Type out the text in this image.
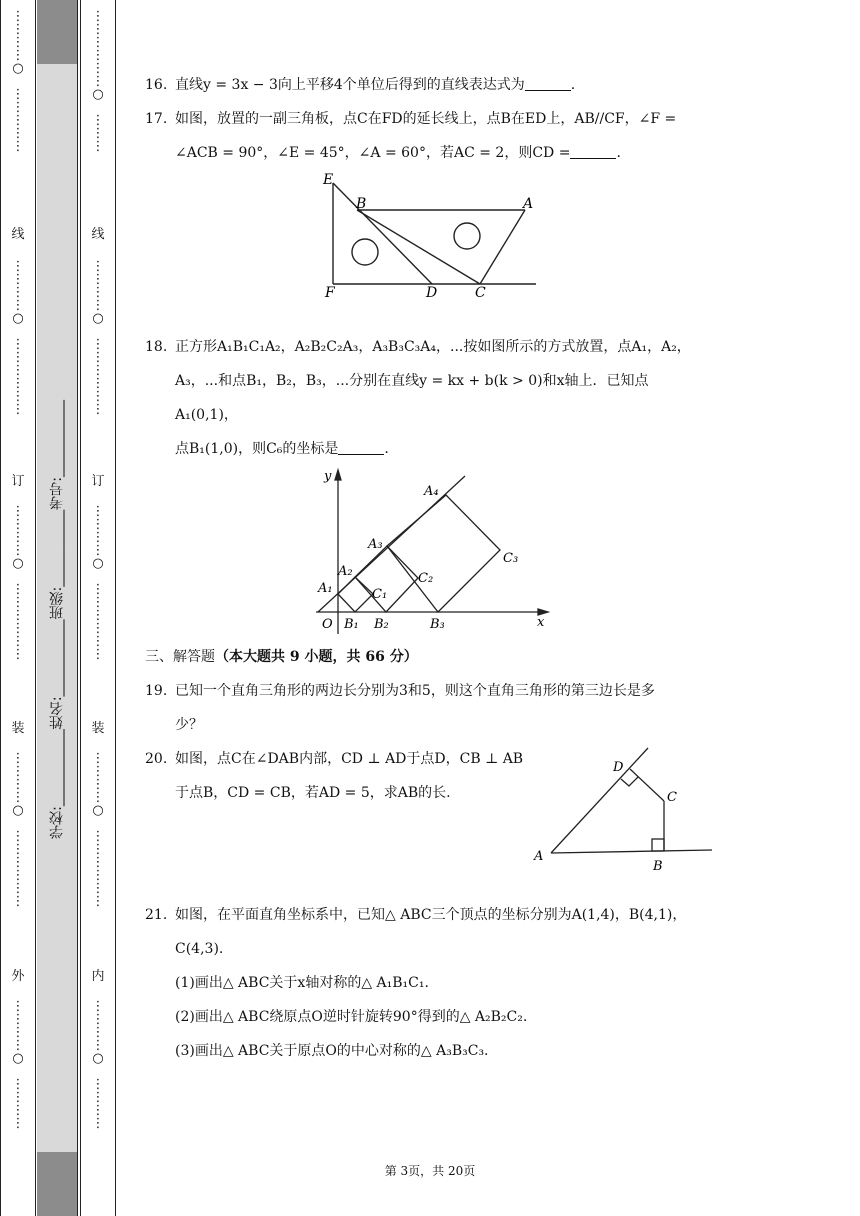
⋮
⋮
⋮
⋮
○

⋮
⋮
⋮
⋮
⋮
线
⋮
⋮
⋮
⋮
○

⋮
⋮
⋮
⋮
⋮
⋮
订
⋮
⋮
⋮
⋮
○

⋮
⋮
⋮
⋮
⋮
⋮
装
⋮
⋮
⋮
⋮
○

⋮
⋮
⋮
⋮
⋮
⋮
外
⋮
⋮
⋮
⋮
○

⋮
⋮
⋮
⋮
学校:___________姓名:___________班级:___________考号:___________
⋮
⋮
⋮
⋮
⋮
⋮
○

⋮
⋮
⋮
线
⋮
⋮
⋮
⋮
○

⋮
⋮
⋮
⋮
⋮
⋮
订
⋮
⋮
⋮
⋮
○

⋮
⋮
⋮
⋮
⋮
⋮
装
⋮
⋮
⋮
⋮
○

⋮
⋮
⋮
⋮
⋮
⋮
内
⋮
⋮
⋮
⋮
○

⋮
⋮
⋮
⋮

16. 直线y = 3x − 3向上平移4个单位后得到的直线表达式为	.

17. 如图，放置的一副三角板，点C在FD的延长线上，点B在ED上，AB//CF，∠F =

∠ACB = 90°，∠E = 45°，∠A = 60°，若AC = 2，则CD =	.

E
B	A
F	D	C

18. 正方形A₁B₁C₁A₂，A₂B₂C₂A₃，A₃B₃C₃A₄，...按如图所示的方式放置，点A₁，A₂，

A₃，...和点B₁，B₂，B₃，...分别在直线y = kx + b(k > 0)和x轴上．已知点A₁(0,1)，

点B₁(1,0)，则C₆的坐标是	.

y
x
O
A₁
A₂
A₃
A₄
B₁ B₂	B₃
C₁
C₂
C₃

三、解答题（本大题共 9 小题，共 66 分）

19. 已知一个直角三角形的两边长分别为3和5，则这个直角三角形的第三边长是多

少？

20. 如图，点C在∠DAB内部，CD ⊥ AD于点D，CB ⊥ AB

于点B，CD = CB，若AD = 5，求AB的长.

D
C
A
B

21. 如图，在平面直角坐标系中，已知△ ABC三个顶点的坐标分别为A(1,4)，B(4,1)，

C(4,3).

(1)画出△ ABC关于x轴对称的△ A₁B₁C₁.

(2)画出△ ABC绕原点O逆时针旋转90°得到的△ A₂B₂C₂.

(3)画出△ ABC关于原点O的中心对称的△ A₃B₃C₃.

第 3页，共 20页
